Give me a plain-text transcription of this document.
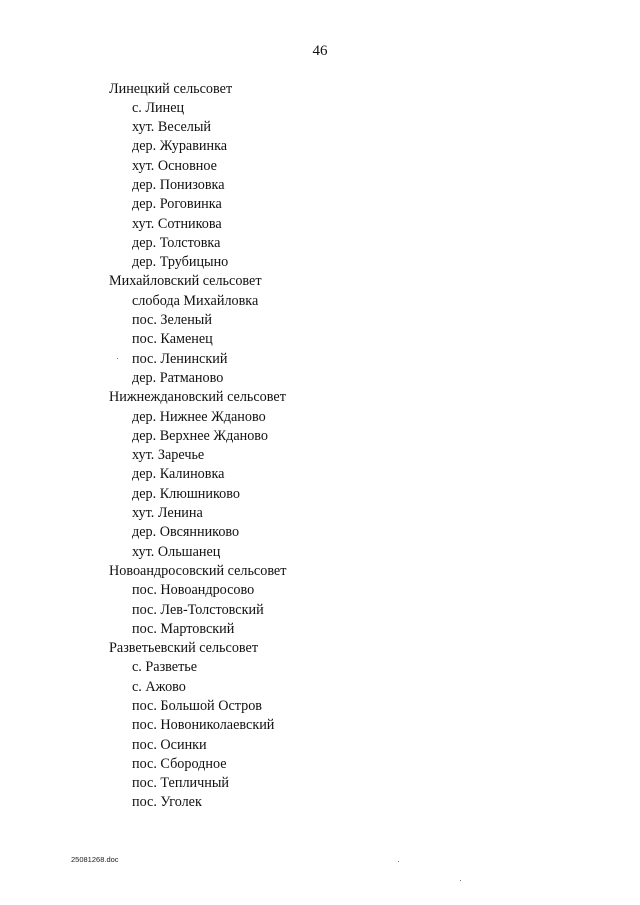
46
Линецкий сельсовет
с. Линец
хут. Веселый
дер. Журавинка
хут. Основное
дер. Понизовка
дер. Роговинка
хут. Сотникова
дер. Толстовка
дер. Трубицыно
Михайловский сельсовет
слобода Михайловка
пос. Зеленый
пос. Каменец
пос. Ленинский
дер. Ратманово
Нижнеждановский сельсовет
дер. Нижнее Жданово
дер. Верхнее Жданово
хут. Заречье
дер. Калиновка
дер. Клюшниково
хут. Ленина
дер. Овсянниково
хут. Ольшанец
Новоандросовский сельсовет
пос. Новоандросово
пос. Лев-Толстовский
пос. Мартовский
Разветьевский сельсовет
с. Разветье
с. Ажово
пос. Большой Остров
пос. Новониколаевский
пос. Осинки
пос. Сбородное
пос. Тепличный
пос. Уголек
25081268.doc
